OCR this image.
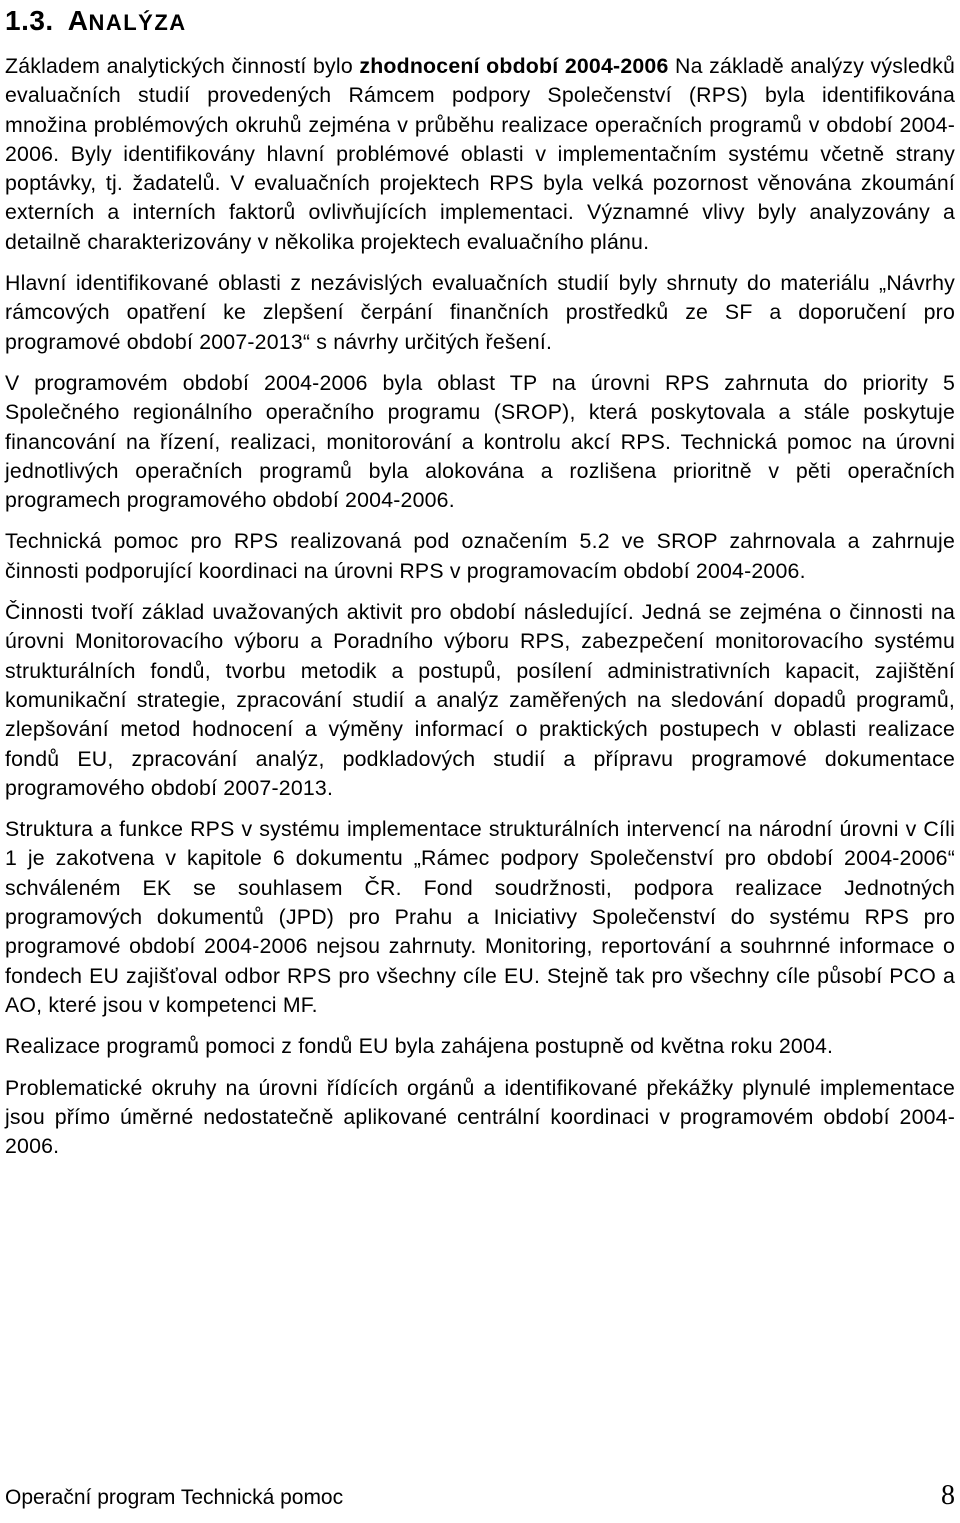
1.3. ANALÝZA

Základem analytických činností bylo zhodnocení období 2004-2006 Na základě analýzy výsledků evaluačních studií provedených Rámcem podpory Společenství (RPS) byla identifikována množina problémových okruhů zejména v průběhu realizace operačních programů v období 2004-2006. Byly identifikovány hlavní problémové oblasti v implementačním systému včetně strany poptávky, tj. žadatelů. V evaluačních projektech RPS byla velká pozornost věnována zkoumání externích a interních faktorů ovlivňujících implementaci. Významné vlivy byly analyzovány a detailně charakterizovány v několika projektech evaluačního plánu.

Hlavní identifikované oblasti z nezávislých evaluačních studií byly shrnuty do materiálu „Návrhy rámcových opatření ke zlepšení čerpání finančních prostředků ze SF a doporučení pro programové období 2007-2013“ s návrhy určitých řešení.

V programovém období 2004-2006 byla oblast TP na úrovni RPS zahrnuta do priority 5 Společného regionálního operačního programu (SROP), která poskytovala a stále poskytuje financování na řízení, realizaci, monitorování a kontrolu akcí RPS. Technická pomoc na úrovni jednotlivých operačních programů byla alokována a rozlišena prioritně v pěti operačních programech programového období 2004-2006.

Technická pomoc pro RPS realizovaná pod označením 5.2 ve SROP zahrnovala a zahrnuje činnosti podporující koordinaci na úrovni RPS v programovacím období 2004-2006.

Činnosti tvoří základ uvažovaných aktivit pro období následující. Jedná se zejména o činnosti na úrovni Monitorovacího výboru a Poradního výboru RPS, zabezpečení monitorovacího systému strukturálních fondů, tvorbu metodik a postupů, posílení administrativních kapacit, zajištění komunikační strategie, zpracování studií a analýz zaměřených na sledování dopadů programů, zlepšování metod hodnocení a výměny informací o praktických postupech v oblasti realizace fondů EU, zpracování analýz, podkladových studií a přípravu programové dokumentace programového období 2007-2013.

Struktura a funkce RPS v systému implementace strukturálních intervencí na národní úrovni v Cíli 1 je zakotvena v kapitole 6 dokumentu „Rámec podpory Společenství pro období 2004-2006“ schváleném EK se souhlasem ČR. Fond soudržnosti, podpora realizace Jednotných programových dokumentů (JPD) pro Prahu a Iniciativy Společenství do systému RPS pro programové období 2004-2006 nejsou zahrnuty. Monitoring, reportování a souhrnné informace o fondech EU zajišťoval odbor RPS pro všechny cíle EU. Stejně tak pro všechny cíle působí PCO a AO, které jsou v kompetenci MF.

Realizace programů pomoci z fondů EU byla zahájena postupně od května roku 2004.

Problematické okruhy na úrovni řídících orgánů a identifikované překážky plynulé implementace jsou přímo úměrné nedostatečně aplikované centrální koordinaci v programovém období 2004-2006.

Operační program Technická pomoc	8
